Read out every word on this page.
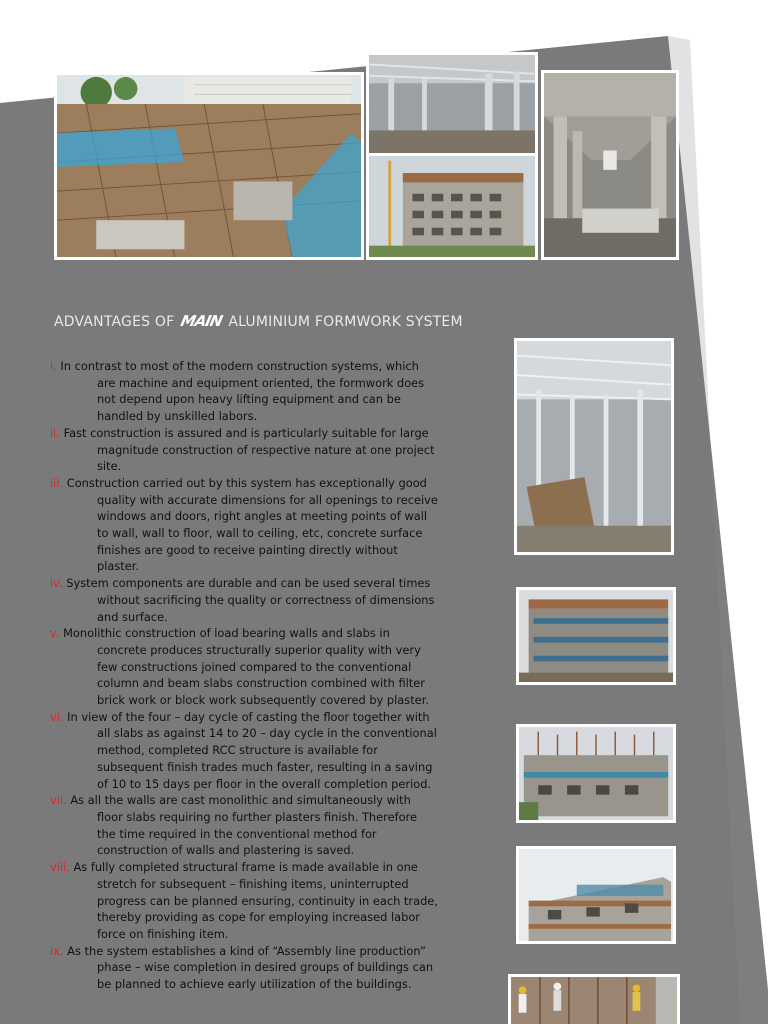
ADVANTAGES OF MAIN ALUMINIUM FORMWORK SYSTEM
i. In contrast to most of the modern construction systems, which
are machine and equipment oriented, the formwork does
not depend upon heavy lifting equipment and can be
handled by unskilled labors.
ii. Fast construction is assured and is particularly suitable for large
magnitude construction of respective nature at one project
site.
iii. Construction carried out by this system has exceptionally good
quality with accurate dimensions for all openings to receive
windows and doors, right angles at meeting points of wall
to wall, wall to floor, wall to ceiling, etc, concrete surface
finishes are good to receive painting directly without
plaster.
iv. System components are durable and can be used several times
without sacrificing the quality or correctness of dimensions
and surface.
v. Monolithic construction of load bearing walls and slabs in
concrete produces structurally superior quality with very
few constructions joined compared to the conventional
column and beam slabs construction combined with filter
brick work or block work subsequently covered by plaster.
vi. In view of the four – day cycle of casting the floor together with
all slabs as against 14 to 20 – day cycle in the conventional
method, completed RCC structure is available for
subsequent finish trades much faster, resulting in a saving
of 10 to 15 days per floor in the overall completion period.
vii. As all the walls are cast monolithic and simultaneously with
floor slabs requiring no further plasters finish. Therefore
the time required in the conventional method for
construction of walls and plastering is saved.
viii. As fully completed structural frame is made available in one
stretch for subsequent – finishing items, uninterrupted
progress can be planned ensuring, continuity in each trade,
thereby providing as cope for employing increased labor
force on finishing item.
ix. As the system establishes a kind of “Assembly line production”
phase – wise completion in desired groups of buildings can
be planned to achieve early utilization of the buildings.
